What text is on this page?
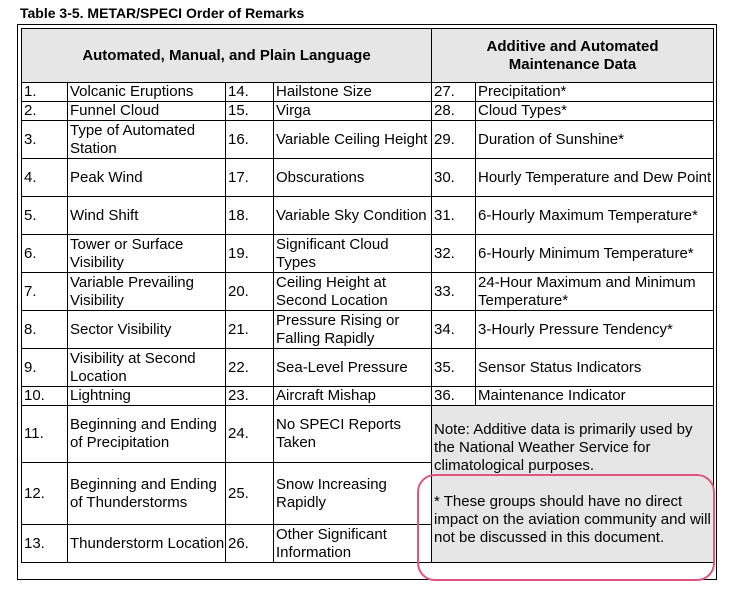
Table 3-5. METAR/SPECI Order of Remarks
Automated, Manual, and Plain Language				Additive and Automated
Maintenance Data	
1.	Volcanic Eruptions	14.	Hailstone Size	27.	Precipitation*
2.	Funnel Cloud	15.	Virga	28.	Cloud Types*
3.	Type of Automated Station	16.	Variable Ceiling Height	29.	Duration of Sunshine*
4.	Peak Wind	17.	Obscurations	30.	Hourly Temperature and Dew Point
5.	Wind Shift	18.	Variable Sky Condition	31.	6-Hourly Maximum Temperature*
6.	Tower or Surface Visibility	19.	Significant Cloud Types	32.	6-Hourly Minimum Temperature*
7.	Variable Prevailing Visibility	20.	Ceiling Height at Second Location	33.	24-Hour Maximum and Minimum Temperature*
8.	Sector Visibility	21.	Pressure Rising or Falling Rapidly	34.	3-Hourly Pressure Tendency*
9.	Visibility at Second Location	22.	Sea-Level Pressure	35.	Sensor Status Indicators
10.	Lightning	23.	Aircraft Mishap	36.	Maintenance Indicator
11.	Beginning and Ending of Precipitation	24.	No SPECI Reports Taken	Note: Additive data is primarily used by the National Weather Service for climatological purposes.
* These groups should have no direct impact on the aviation community and will not be discussed in this document.	

12.	Beginning and Ending of Thunderstorms	25.	Snow Increasing Rapidly		
13.	Thunderstorm Location	26.	Other Significant Information		
